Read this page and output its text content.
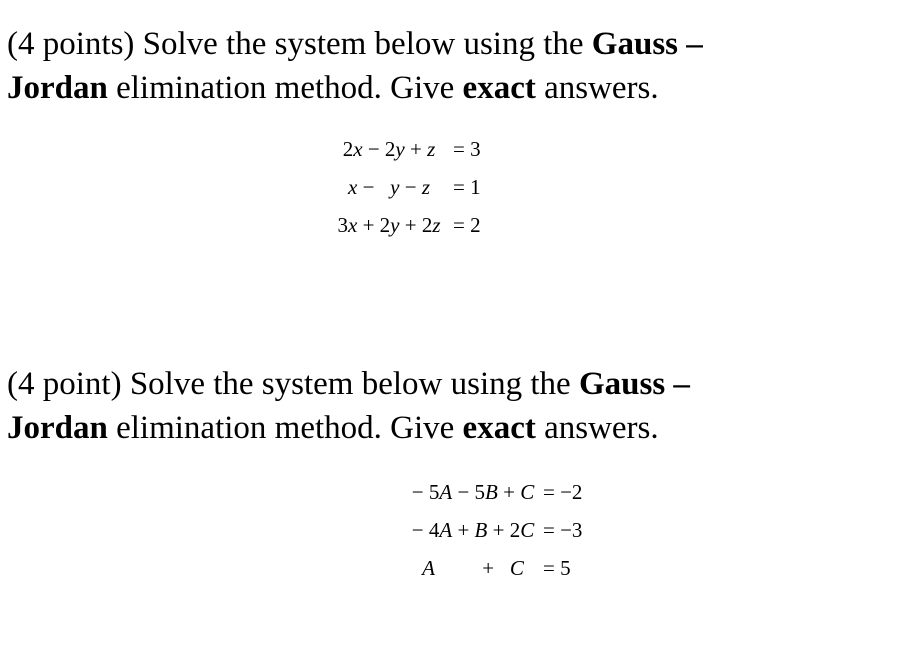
(4 points) Solve the system below using the Gauss –
Jordan elimination method. Give exact answers.

2x − 2y + z = 3
x − y − z	= 1
3x + 2y + 2z = 2

(4 point) Solve the system below using the Gauss –
Jordan elimination method. Give exact answers.

− 5A − 5B + C = −2
− 4A + B + 2C = −3
A + C = 5
